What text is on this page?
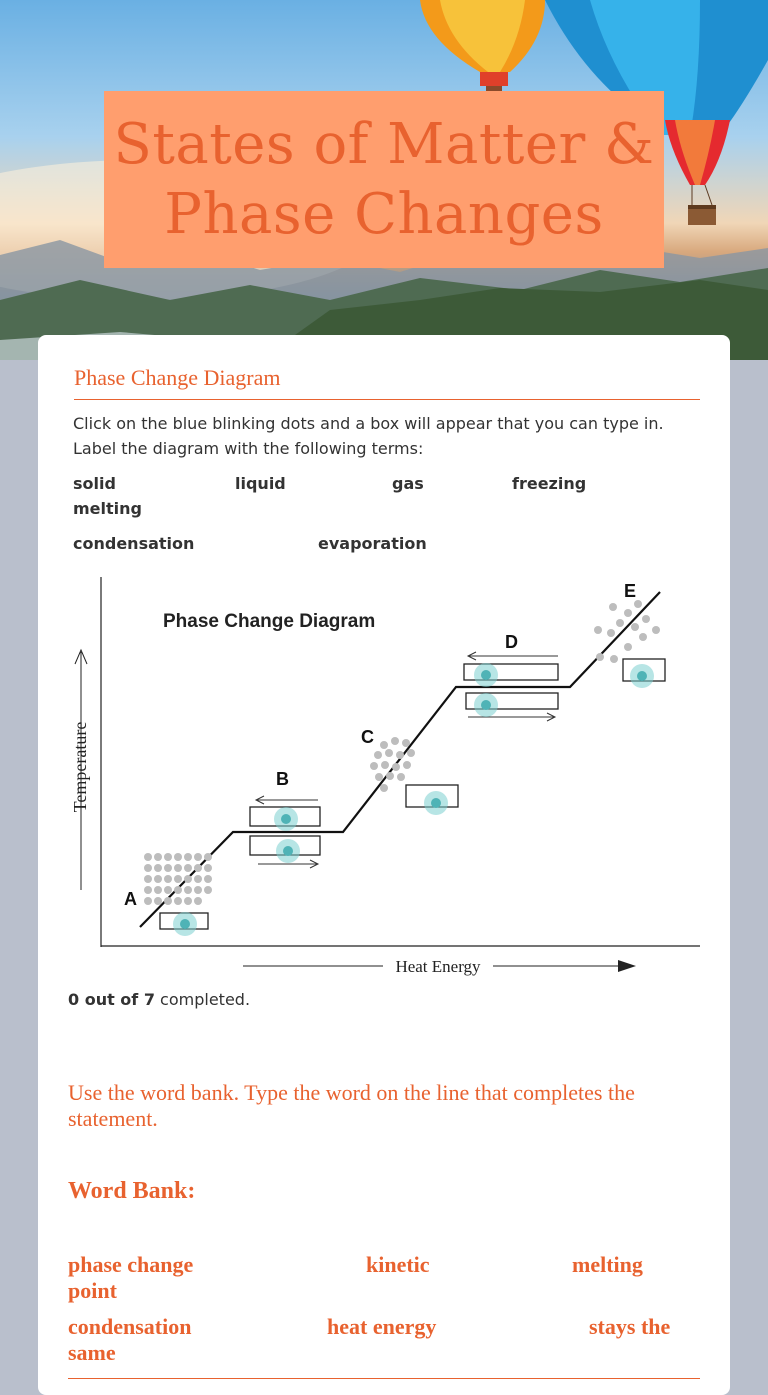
States of Matter &
Phase Changes
Phase Change Diagram
Click on the blue blinking dots and a box will appear that you can type in. Label the diagram with the following terms:
solid	liquid	gas	freezing
melting
condensation	evaporation
Temperature
Heat Energy
Phase Change Diagram
A
B
C
D
E
0 out of 7 completed.
Use the word bank. Type the word on the line that completes the statement.
Word Bank:
phase change point
kinetic	melting
condensation	heat energy	stays the
same
